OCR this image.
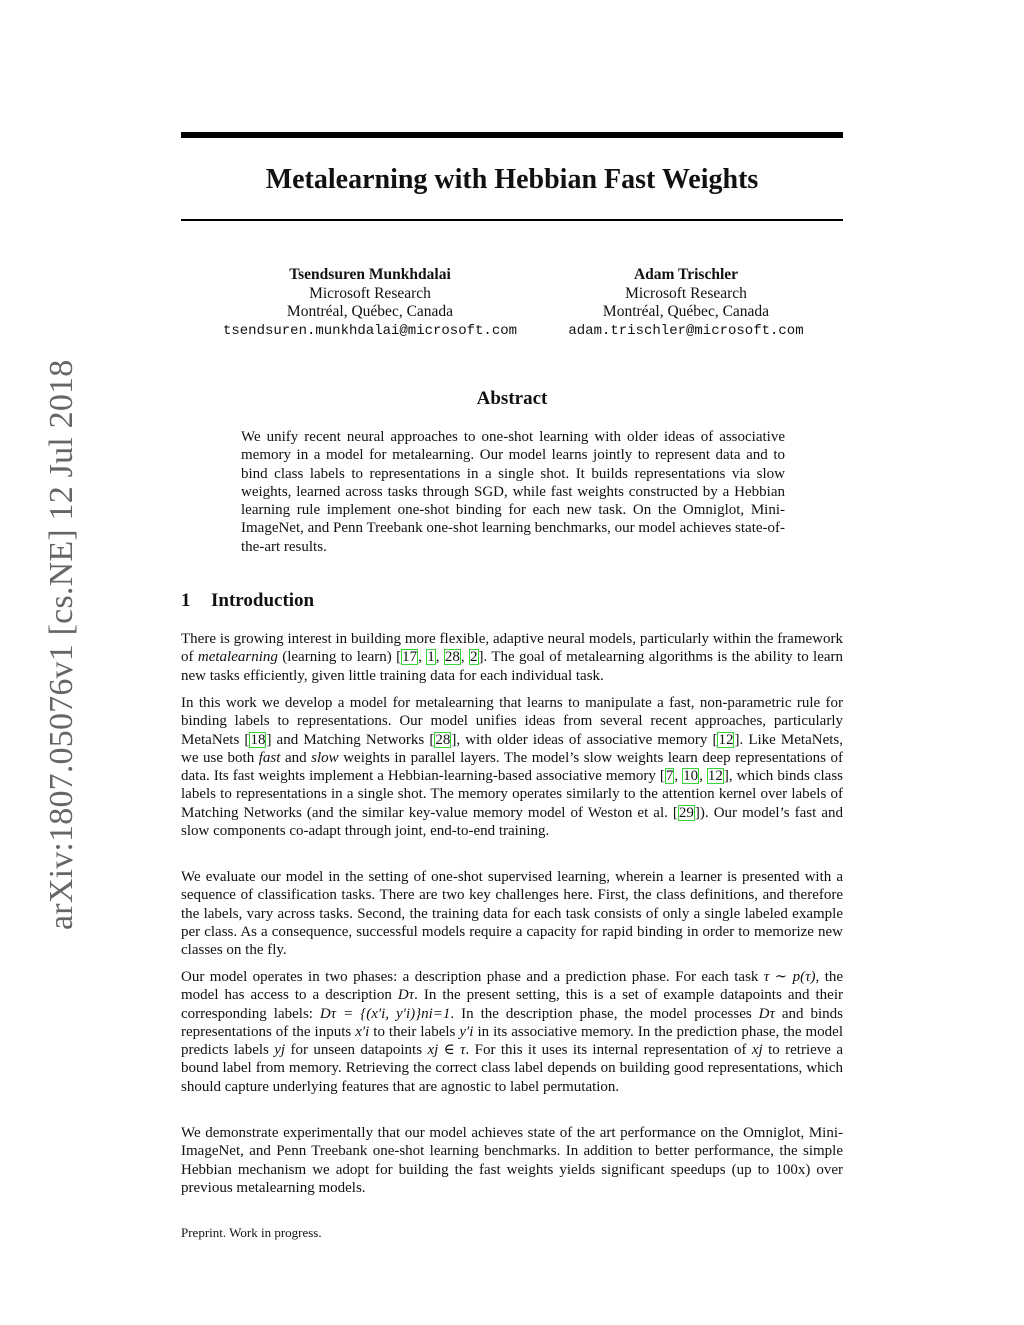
arXiv:1807.05076v1 [cs.NE] 12 Jul 2018
Metalearning with Hebbian Fast Weights
Tsendsuren Munkhdalai
Microsoft Research
Montréal, Québec, Canada
tsendsuren.munkhdalai@microsoft.com
Adam Trischler
Microsoft Research
Montréal, Québec, Canada
adam.trischler@microsoft.com
Abstract
We unify recent neural approaches to one-shot learning with older ideas of associative memory in a model for metalearning. Our model learns jointly to represent data and to bind class labels to representations in a single shot. It builds representations via slow weights, learned across tasks through SGD, while fast weights constructed by a Hebbian learning rule implement one-shot binding for each new task. On the Omniglot, Mini-ImageNet, and Penn Treebank one-shot learning benchmarks, our model achieves state-of-the-art results.
1 Introduction
There is growing interest in building more flexible, adaptive neural models, particularly within the framework of metalearning (learning to learn) [17, 1, 28, 2]. The goal of metalearning algorithms is the ability to learn new tasks efficiently, given little training data for each individual task.
In this work we develop a model for metalearning that learns to manipulate a fast, non-parametric rule for binding labels to representations. Our model unifies ideas from several recent approaches, particularly MetaNets [18] and Matching Networks [28], with older ideas of associative memory [12]. Like MetaNets, we use both fast and slow weights in parallel layers. The model’s slow weights learn deep representations of data. Its fast weights implement a Hebbian-learning-based associative memory [7, 10, 12], which binds class labels to representations in a single shot. The memory operates similarly to the attention kernel over labels of Matching Networks (and the similar key-value memory model of Weston et al. [29]). Our model’s fast and slow components co-adapt through joint, end-to-end training.
We evaluate our model in the setting of one-shot supervised learning, wherein a learner is presented with a sequence of classification tasks. There are two key challenges here. First, the class definitions, and therefore the labels, vary across tasks. Second, the training data for each task consists of only a single labeled example per class. As a consequence, successful models require a capacity for rapid binding in order to memorize new classes on the fly.
Our model operates in two phases: a description phase and a prediction phase. For each task τ ∼ p(τ), the model has access to a description Dτ. In the present setting, this is a set of example datapoints and their corresponding labels: Dτ = {(x′i, y′i)}ni=1. In the description phase, the model processes Dτ and binds representations of the inputs x′i to their labels y′i in its associative memory. In the prediction phase, the model predicts labels yj for unseen datapoints xj ∈ τ. For this it uses its internal representation of xj to retrieve a bound label from memory. Retrieving the correct class label depends on building good representations, which should capture underlying features that are agnostic to label permutation.
We demonstrate experimentally that our model achieves state of the art performance on the Omniglot, Mini-ImageNet, and Penn Treebank one-shot learning benchmarks. In addition to better performance, the simple Hebbian mechanism we adopt for building the fast weights yields significant speedups (up to 100x) over previous metalearning models.
Preprint. Work in progress.
